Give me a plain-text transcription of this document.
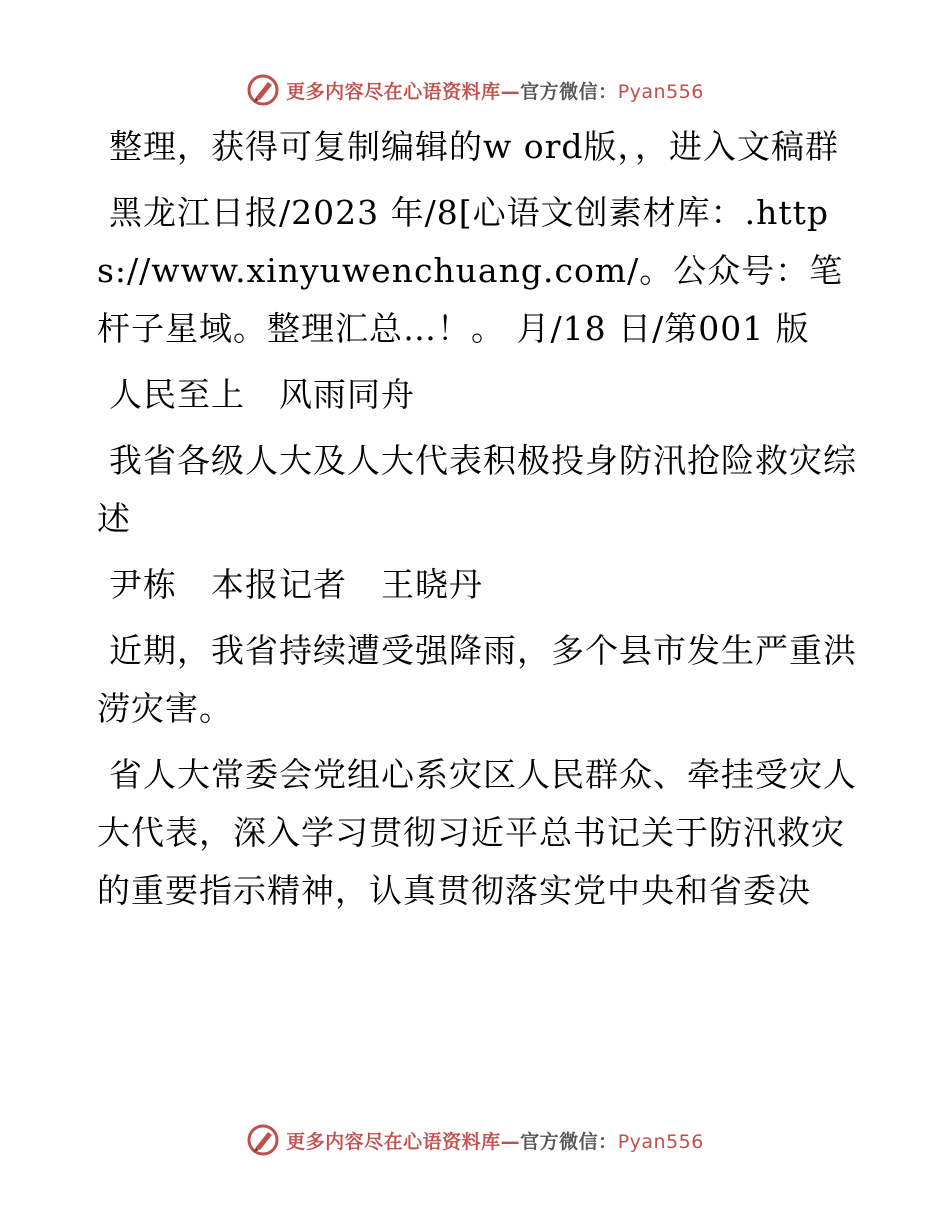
更多内容尽在心语资料库—官方微信：Pyan556

整理，获得可复制编辑的w ord版，，进入文稿群

黑龙江日报/2023 年/8[心语文创素材库：.https://www.xinyuwenchuang.com/。公众号：笔杆子星域。整理汇总…！。 月/18 日/第001 版

人民至上　风雨同舟

我省各级人大及人大代表积极投身防汛抢险救灾综述

尹栋　本报记者　王晓丹

近期，我省持续遭受强降雨，多个县市发生严重洪涝灾害。

省人大常委会党组心系灾区人民群众、牵挂受灾人大代表，深入学习贯彻习近平总书记关于防汛救灾的重要指示精神，认真贯彻落实党中央和省委决

更多内容尽在心语资料库—官方微信：Pyan556
